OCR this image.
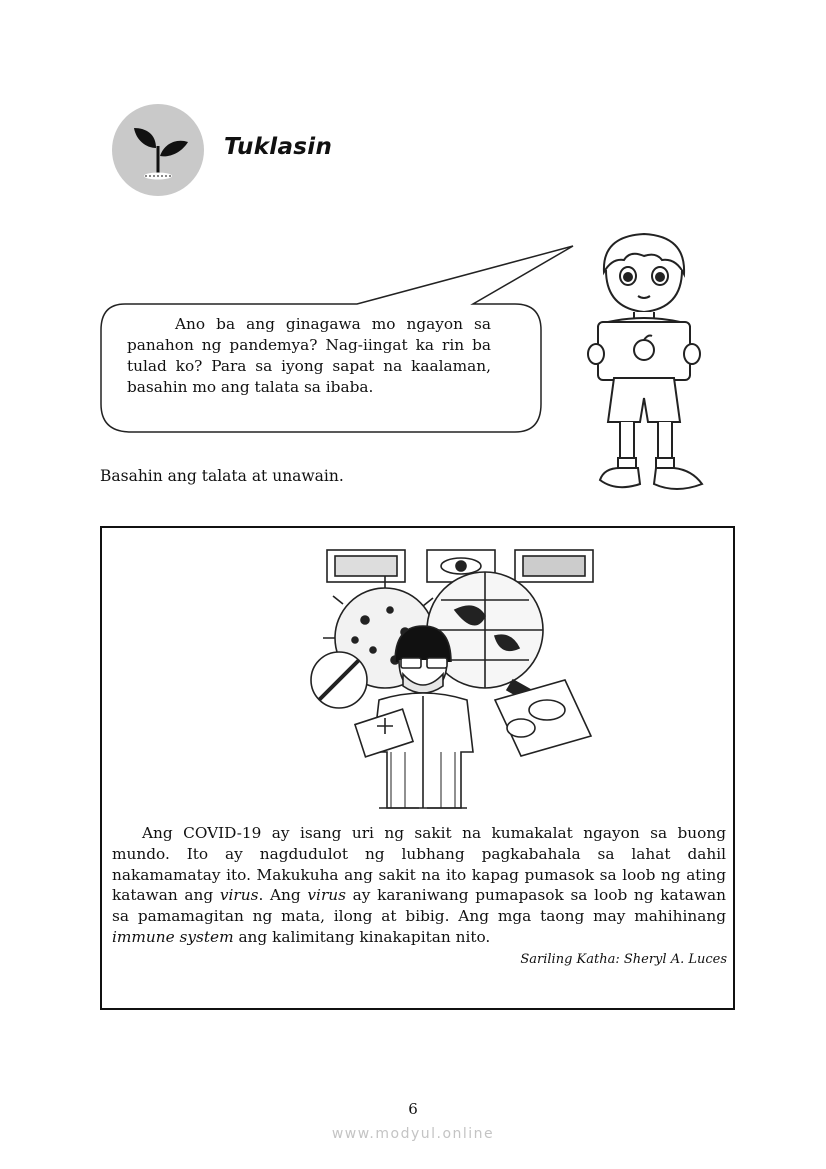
Tuklasin
Ano ba ang ginagawa mo ngayon sa panahon ng pandemya? Nag-iingat ka rin ba tulad ko? Para sa iyong sapat na kaalaman, basahin mo ang talata sa ibaba.
Basahin ang talata at unawain.
Ang COVID-19 ay isang uri ng sakit na kumakalat ngayon sa buong mundo. Ito ay nagdudulot ng lubhang pagkabahala sa lahat dahil nakamamatay ito. Makukuha ang sakit na ito kapag pumasok sa loob ng ating katawan ang virus. Ang virus ay karaniwang pumapasok sa loob ng katawan sa pamamagitan ng mata, ilong at bibig. Ang mga taong may mahihinang immune system ang kalimitang kinakapitan nito.
Sariling Katha: Sheryl A. Luces
6
www.modyul.online
